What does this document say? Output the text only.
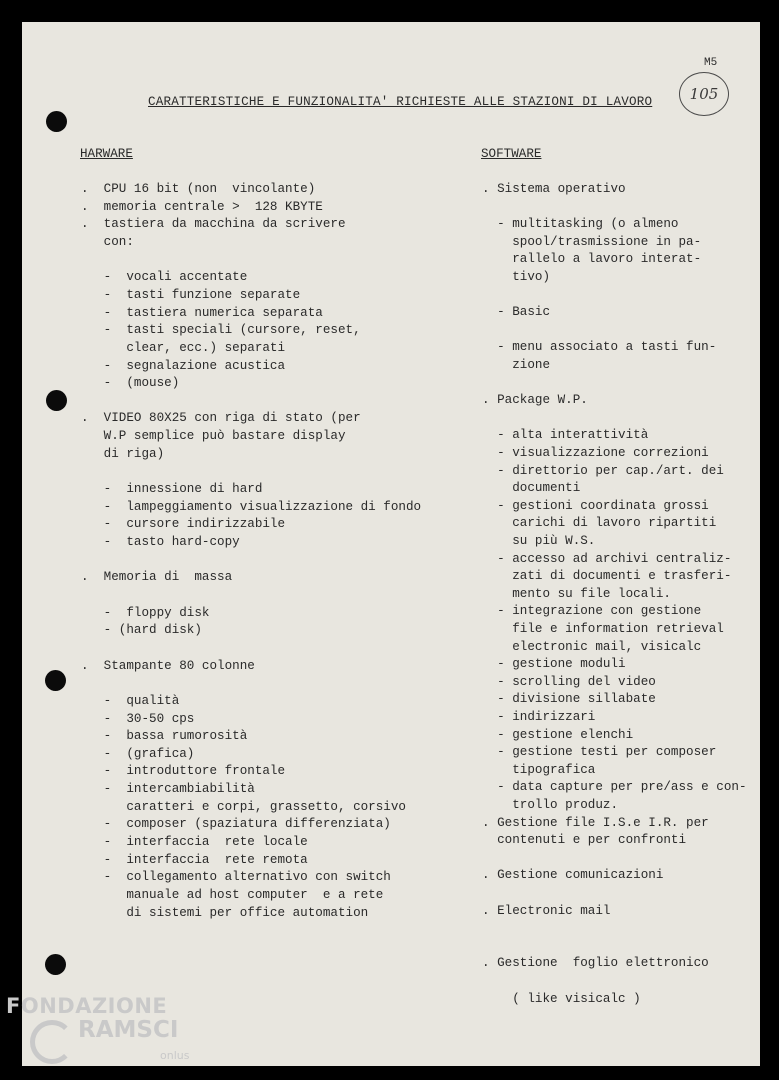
M5
105
CARATTERISTICHE E FUNZIONALITA' RICHIESTE ALLE STAZIONI DI LAVORO
HARWARE	SOFTWARE
.  CPU 16 bit (non  vincolante)
.  memoria centrale >  128 KBYTE
.  tastiera da macchina da scrivere
con:
-  vocali accentate
-  tasti funzione separate
-  tastiera numerica separata
-  tasti speciali (cursore, reset,
clear, ecc.) separati
-  segnalazione acustica
-  (mouse)
.  VIDEO 80X25 con riga di stato (per
W.P semplice può bastare display
di riga)
-  innessione di hard
-  lampeggiamento visualizzazione di fondo
-  cursore indirizzabile
-  tasto hard-copy
.  Memoria di  massa
-  floppy disk
- (hard disk)
.  Stampante 80 colonne
-  qualità
-  30-50 cps
-  bassa rumorosità
-  (grafica)
-  introduttore frontale
-  intercambiabilità
caratteri e corpi, grassetto, corsivo
-  composer (spaziatura differenziata)
-  interfaccia  rete locale
-  interfaccia  rete remota
-  collegamento alternativo con switch
manuale ad host computer  e a rete
di sistemi per office automation
. Sistema operativo
- multitasking (o almeno
spool/trasmissione in pa-
rallelo a lavoro interat-
tivo)
- Basic
- menu associato a tasti fun-
zione
. Package W.P.
- alta interattività
- visualizzazione correzioni
- direttorio per cap./art. dei
documenti
- gestioni coordinata grossi
carichi di lavoro ripartiti
su più W.S.
- accesso ad archivi centraliz-
zati di documenti e trasferi-
mento su file locali.
- integrazione con gestione
file e information retrieval
electronic mail, visicalc
- gestione moduli
- scrolling del video
- divisione sillabate
- indirizzari
- gestione elenchi
- gestione testi per composer
tipografica
- data capture per pre/ass e con-
trollo produz.
. Gestione file I.S.e I.R. per
contenuti e per confronti
. Gestione comunicazioni
. Electronic mail
. Gestione  foglio elettronico
( like visicalc )
FONDAZIONE
RAMSCI
onlus
